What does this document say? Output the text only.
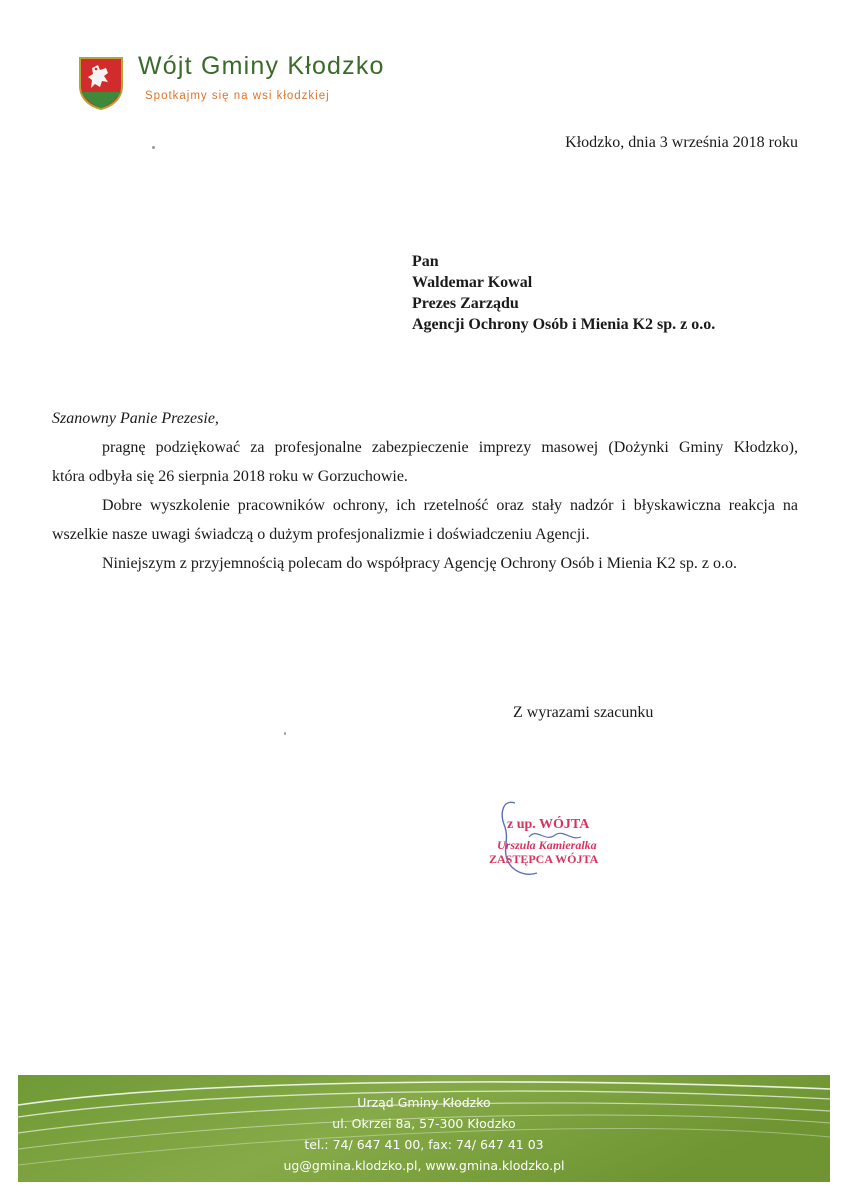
Wójt Gminy Kłodzko
Spotkajmy się na wsi kłodzkiej
Kłodzko, dnia 3 września 2018 roku
Pan
Waldemar Kowal
Prezes Zarządu
Agencji Ochrony Osób i Mienia K2 sp. z o.o.
Szanowny Panie Prezesie,
pragnę podziękować za profesjonalne zabezpieczenie imprezy masowej (Dożynki Gminy Kłodzko),
która odbyła się 26 sierpnia 2018 roku w Gorzuchowie.
Dobre wyszkolenie pracowników ochrony, ich rzetelność oraz stały nadzór i błyskawiczna reakcja na
wszelkie nasze uwagi świadczą o dużym profesjonalizmie i doświadczeniu Agencji.
Niniejszym z przyjemnością polecam do współpracy Agencję Ochrony Osób i Mienia K2 sp. z o.o.
Z wyrazami szacunku
z up. WÓJTA
Urszula Kamieralka
ZASTĘPCA WÓJTA
Urząd Gminy Kłodzko
ul. Okrzei 8a, 57-300 Kłodzko
tel.: 74/ 647 41 00, fax: 74/ 647 41 03
ug@gmina.klodzko.pl, www.gmina.klodzko.pl
